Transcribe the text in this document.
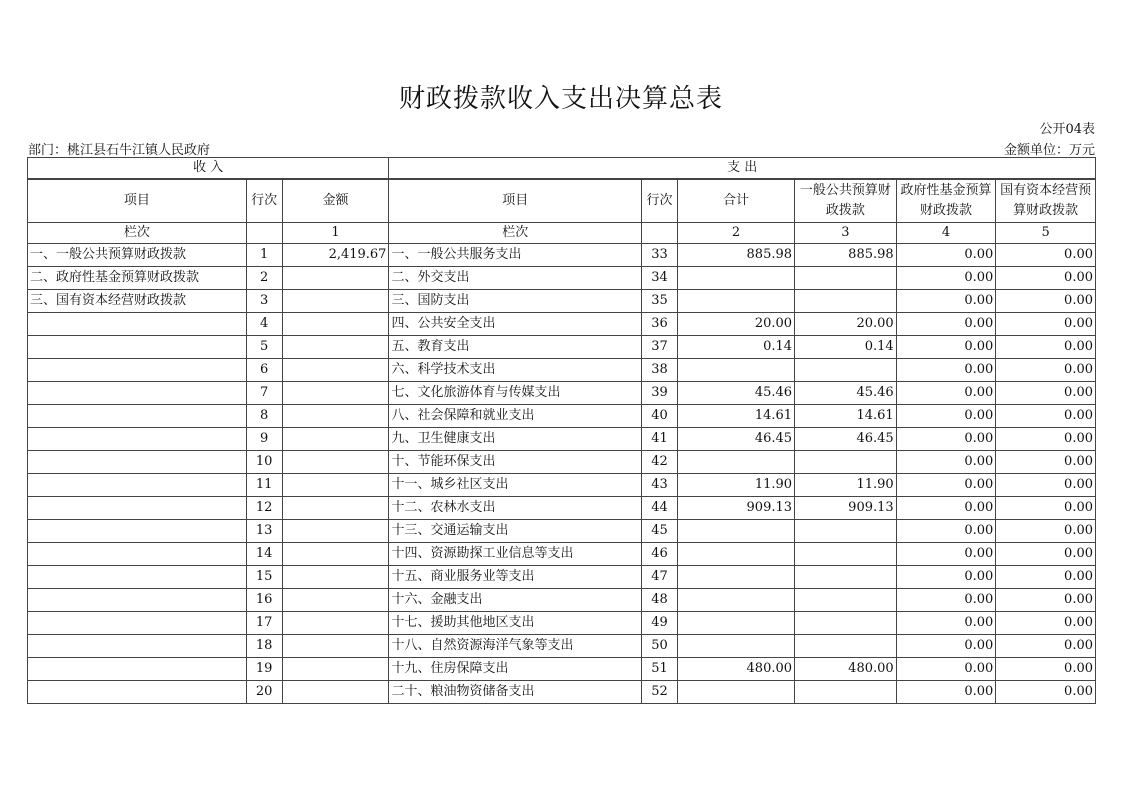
财政拨款收入支出决算总表
公开04表
部门：桃江县石牛江镇人民政府	金额单位：万元
收 入			支 出					
项目	行次	金额	项目	行次	合计	一般公共预算财政拨款	政府性基金预算财政拨款	国有资本经营预算财政拨款
栏次		1	栏次		2	3	4	5
一、一般公共预算财政拨款	1	2,419.67	一、一般公共服务支出	33	885.98	885.98	0.00	0.00
二、政府性基金预算财政拨款	2		二、外交支出	34			0.00	0.00
三、国有资本经营财政拨款	3		三、国防支出	35			0.00	0.00
	4		四、公共安全支出	36	20.00	20.00	0.00	0.00
	5		五、教育支出	37	0.14	0.14	0.00	0.00
	6		六、科学技术支出	38			0.00	0.00
	7		七、文化旅游体育与传媒支出	39	45.46	45.46	0.00	0.00
	8		八、社会保障和就业支出	40	14.61	14.61	0.00	0.00
	9		九、卫生健康支出	41	46.45	46.45	0.00	0.00
	10		十、节能环保支出	42			0.00	0.00
	11		十一、城乡社区支出	43	11.90	11.90	0.00	0.00
	12		十二、农林水支出	44	909.13	909.13	0.00	0.00
	13		十三、交通运输支出	45			0.00	0.00
	14		十四、资源勘探工业信息等支出	46			0.00	0.00
	15		十五、商业服务业等支出	47			0.00	0.00
	16		十六、金融支出	48			0.00	0.00
	17		十七、援助其他地区支出	49			0.00	0.00
	18		十八、自然资源海洋气象等支出	50			0.00	0.00
	19		十九、住房保障支出	51	480.00	480.00	0.00	0.00
	20		二十、粮油物资储备支出	52			0.00	0.00
